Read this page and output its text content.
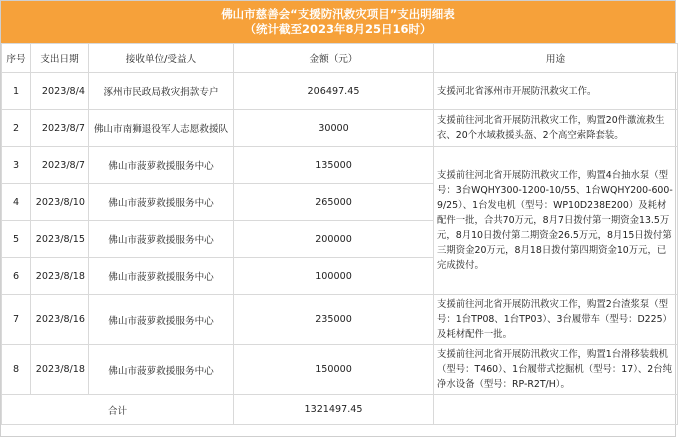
佛山市慈善会“支援防汛救灾项目”支出明细表
（统计截至2023年8月25日16时）
序号	支出日期	接收单位/受益人	金额（元）	用途
1	2023/8/4	涿州市民政局救灾捐款专户	206497.45	支援河北省涿州市开展防汛救灾工作。
2	2023/8/7	佛山市南狮退役军人志愿救援队	30000	支援前往河北省开展防汛救灾工作，购置20件激流救生衣、20个水域救援头盔、2个高空索降套装。
3	2023/8/7	佛山市菠萝救援服务中心	135000	支援前往河北省开展防汛救灾工作，购置4台抽水泵（型号：3台WQHY300-1200-10/55、1台WQHY200-600-9/25）、1台发电机（型号：WP10D238E200）及耗材配件一批，合共70万元，8月7日拨付第一期资金13.5万元，8月10日拨付第二期资金26.5万元，8月15日拨付第三期资金20万元，8月18日拨付第四期资金10万元，已完成拨付。
4	2023/8/10	佛山市菠萝救援服务中心	265000	
5	2023/8/15	佛山市菠萝救援服务中心	200000	
6	2023/8/18	佛山市菠萝救援服务中心	100000	
7	2023/8/16	佛山市菠萝救援服务中心	235000	支援前往河北省开展防汛救灾工作，购置2台渣浆泵（型号：1台TP08、1台TP03）、3台履带车（型号：D225）及耗材配件一批。
8	2023/8/18	佛山市菠萝救援服务中心	150000	支援前往河北省开展防汛救灾工作，购置1台滑移装载机（型号：T460）、1台履带式挖掘机（型号：17）、2台纯净水设备（型号：RP-R2T/H）。
合计			1321497.45	
